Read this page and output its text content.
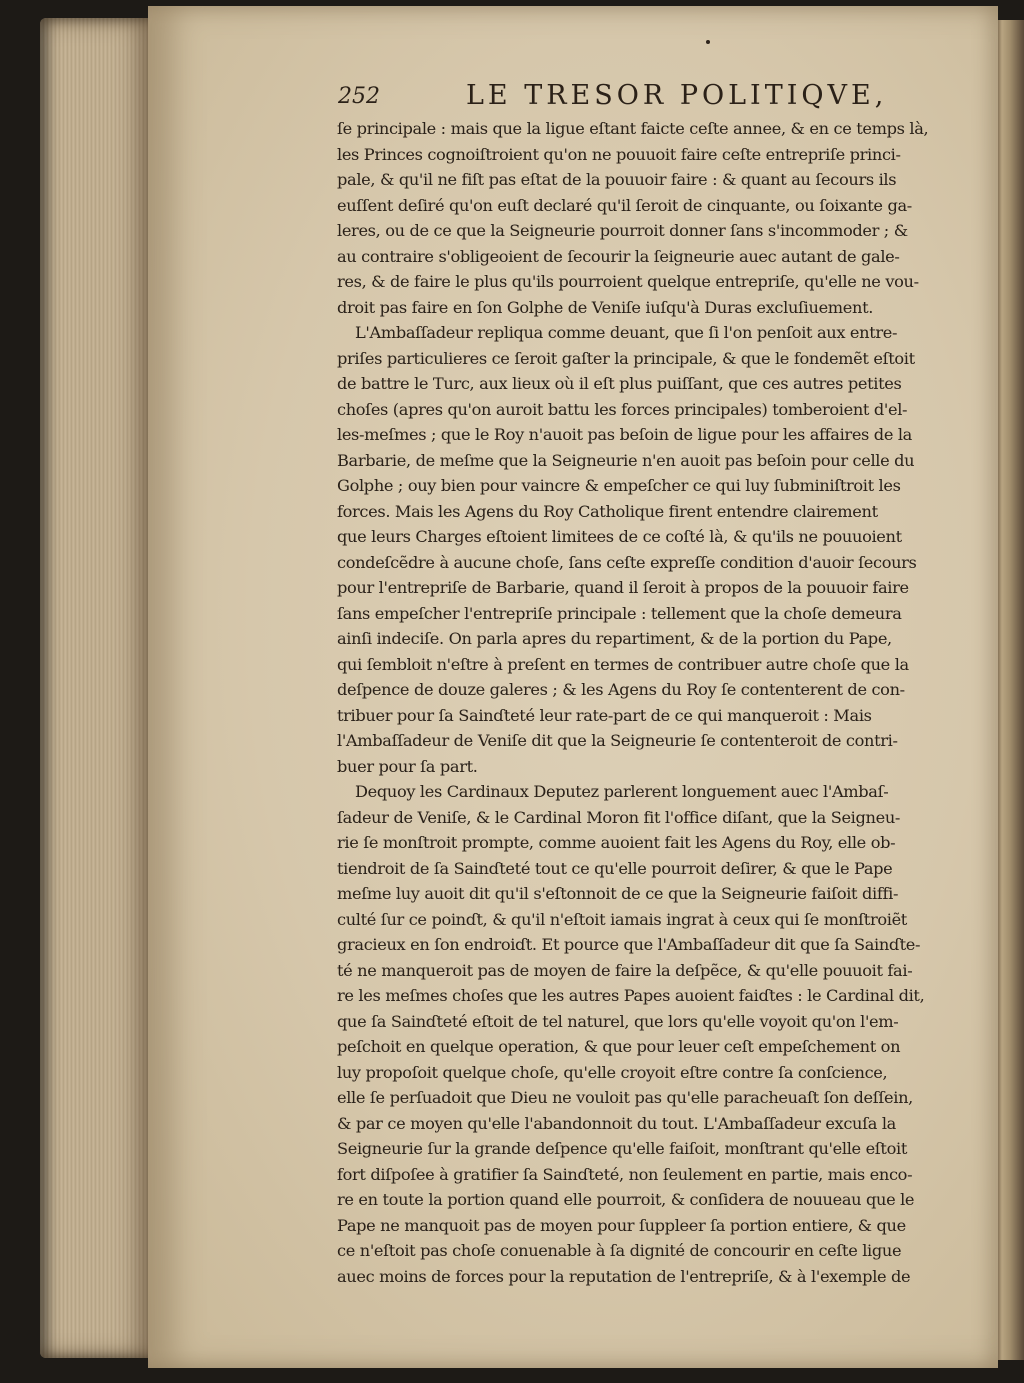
252	LE TRESOR POLITIQVE,
ſe principale : mais que la ligue eſtant faicte ceſte annee, & en ce temps là,
les Princes cognoiſtroient qu'on ne pouuoit faire ceſte entrepriſe princi-
pale, & qu'il ne fiſt pas eſtat de la pouuoir faire : & quant au ſecours ils
euſſent deſiré qu'on euſt declaré qu'il ſeroit de cinquante, ou ſoixante ga-
leres, ou de ce que la Seigneurie pourroit donner ſans s'incommoder ; &
au contraire s'obligeoient de ſecourir la ſeigneurie auec autant de gale-
res, & de faire le plus qu'ils pourroient quelque entrepriſe, qu'elle ne vou-
droit pas faire en ſon Golphe de Veniſe iuſqu'à Duras excluſiuement.
L'Ambaſſadeur repliqua comme deuant, que ſi l'on penſoit aux entre-
priſes particulieres ce ſeroit gaſter la principale, & que le fondemẽt eſtoit
de battre le Turc, aux lieux où il eſt plus puiſſant, que ces autres petites
choſes (apres qu'on auroit battu les forces principales) tomberoient d'el-
les-meſmes ; que le Roy n'auoit pas beſoin de ligue pour les affaires de la
Barbarie, de meſme que la Seigneurie n'en auoit pas beſoin pour celle du
Golphe ; ouy bien pour vaincre & empeſcher ce qui luy ſubminiſtroit les
forces. Mais les Agens du Roy Catholique firent entendre clairement
que leurs Charges eſtoient limitees de ce coſté là, & qu'ils ne pouuoient
condeſcẽdre à aucune choſe, ſans ceſte expreſſe condition d'auoir ſecours
pour l'entrepriſe de Barbarie, quand il ſeroit à propos de la pouuoir faire
ſans empeſcher l'entrepriſe principale : tellement que la choſe demeura
ainſi indeciſe. On parla apres du repartiment, & de la portion du Pape,
qui ſembloit n'eſtre à preſent en termes de contribuer autre choſe que la
deſpence de douze galeres ; & les Agens du Roy ſe contenterent de con-
tribuer pour ſa Sainɗteté leur rate-part de ce qui manqueroit : Mais
l'Ambaſſadeur de Veniſe dit que la Seigneurie ſe contenteroit de contri-
buer pour ſa part.
Dequoy les Cardinaux Deputez parlerent longuement auec l'Ambaſ-
ſadeur de Veniſe, & le Cardinal Moron fit l'office diſant, que la Seigneu-
rie ſe monſtroit prompte, comme auoient fait les Agens du Roy, elle ob-
tiendroit de ſa Sainɗteté tout ce qu'elle pourroit deſirer, & que le Pape
meſme luy auoit dit qu'il s'eſtonnoit de ce que la Seigneurie faiſoit diffi-
culté ſur ce poinɗt, & qu'il n'eſtoit iamais ingrat à ceux qui ſe monſtroiẽt
gracieux en ſon endroiɗt. Et pource que l'Ambaſſadeur dit que ſa Sainɗte-
té ne manqueroit pas de moyen de faire la deſpẽce, & qu'elle pouuoit fai-
re les meſmes choſes que les autres Papes auoient faiɗtes : le Cardinal dit,
que ſa Sainɗteté eſtoit de tel naturel, que lors qu'elle voyoit qu'on l'em-
peſchoit en quelque operation, & que pour leuer ceſt empeſchement on
luy propoſoit quelque choſe, qu'elle croyoit eſtre contre ſa conſcience,
elle ſe perſuadoit que Dieu ne vouloit pas qu'elle paracheuaſt ſon deſſein,
& par ce moyen qu'elle l'abandonnoit du tout. L'Ambaſſadeur excuſa la
Seigneurie ſur la grande deſpence qu'elle faiſoit, monſtrant qu'elle eſtoit
fort diſpoſee à gratifier ſa Sainɗteté, non ſeulement en partie, mais enco-
re en toute la portion quand elle pourroit, & conſidera de nouueau que le
Pape ne manquoit pas de moyen pour ſuppleer ſa portion entiere, & que
ce n'eſtoit pas choſe conuenable à ſa dignité de concourir en ceſte ligue
auec moins de forces pour la reputation de l'entrepriſe, & à l'exemple de
